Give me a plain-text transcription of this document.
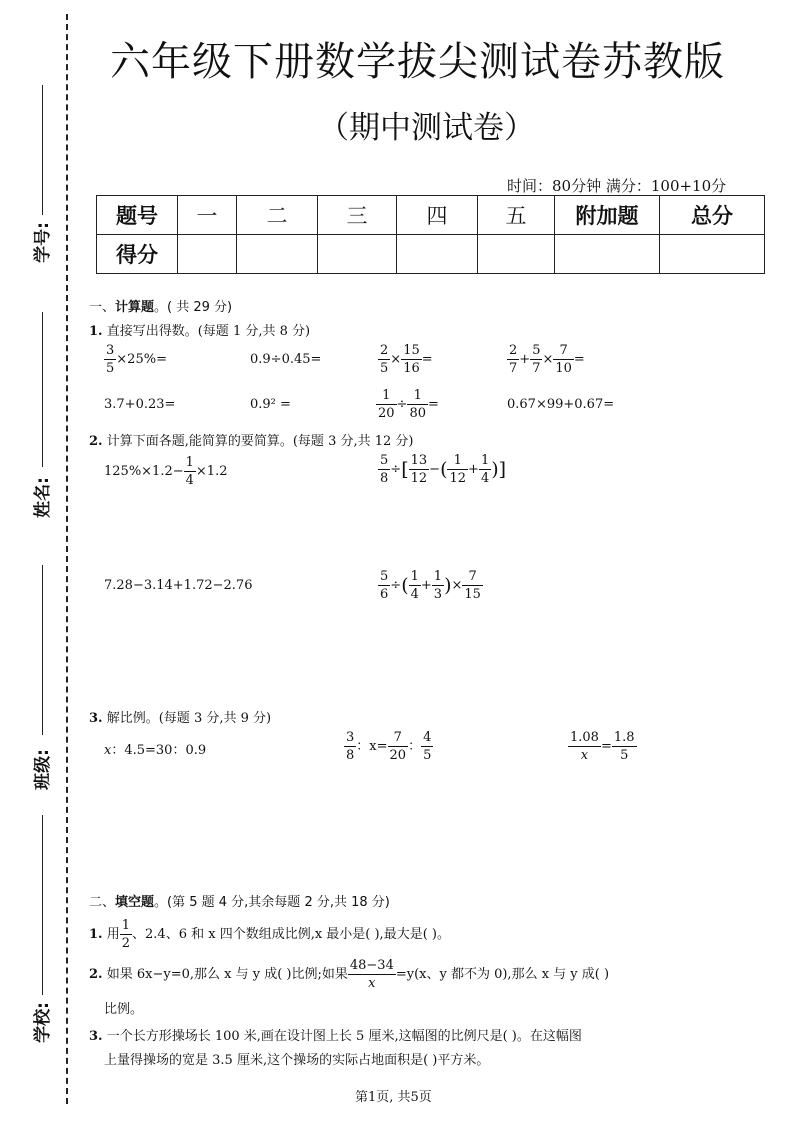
学号:
姓名:
班级:
学校:
六年级下册数学拔尖测试卷苏教版
（期中测试卷）
时间：80分钟 满分：100+10分
题号	一	二	三	四	五	附加题	总分
得分							
一、计算题。( 共 29 分)
1. 直接写出得数。(每题 1 分,共 8 分)
$\frac{3}{5} \times 25\%=$	0.9÷0.45=	$\frac{2}{5} \times \frac{15}{16}$ =	$\frac{2}{7} + \frac{5}{7} \times \frac{7}{10}$ =
3.7+0.23=	0.9² =	$\frac{1}{20} \div \frac{1}{80}$ =	0.67×99+0.67=
2. 计算下面各题,能简算的要简算。(每题 3 分,共 12 分)
$125\%\times 1.2- \frac{1}{4} \times 1.2$	$\frac{5}{8}$ ÷[ $\frac{13}{12}$ −( $\frac{1}{12} + \frac{1}{4}$ )]
7.28−3.14+1.72−2.76	$\frac{5}{6}$ ÷( $\frac{1}{4} + \frac{1}{3}$ )× $\frac{7}{15}$
3. 解比例。(每题 3 分,共 9 分)
x：4.5=30：0.9	$\frac{3}{8}$ ：$x= \frac{7}{20}$ ： $\frac{4}{5}$	$\frac{1.08}{x} = \frac{1.8}{5}$
二、填空题。(第 5 题 4 分,其余每题 2 分,共 18 分)
1. 用 $\frac{1}{2}$ 、2.4、6 和 x 四个数组成比例,x 最小是( ),最大是( )。
2. 如果 6x−y=0,那么 x 与 y 成( )比例;如果 $\frac{48-34}{x} =y(x$、y 都不为 0),那么 x 与 y 成( )
比例。
3. 一个长方形操场长 100 米,画在设计图上长 5 厘米,这幅图的比例尺是( )。在这幅图
上量得操场的宽是 3.5 厘米,这个操场的实际占地面积是( )平方米。
第1页, 共5页
